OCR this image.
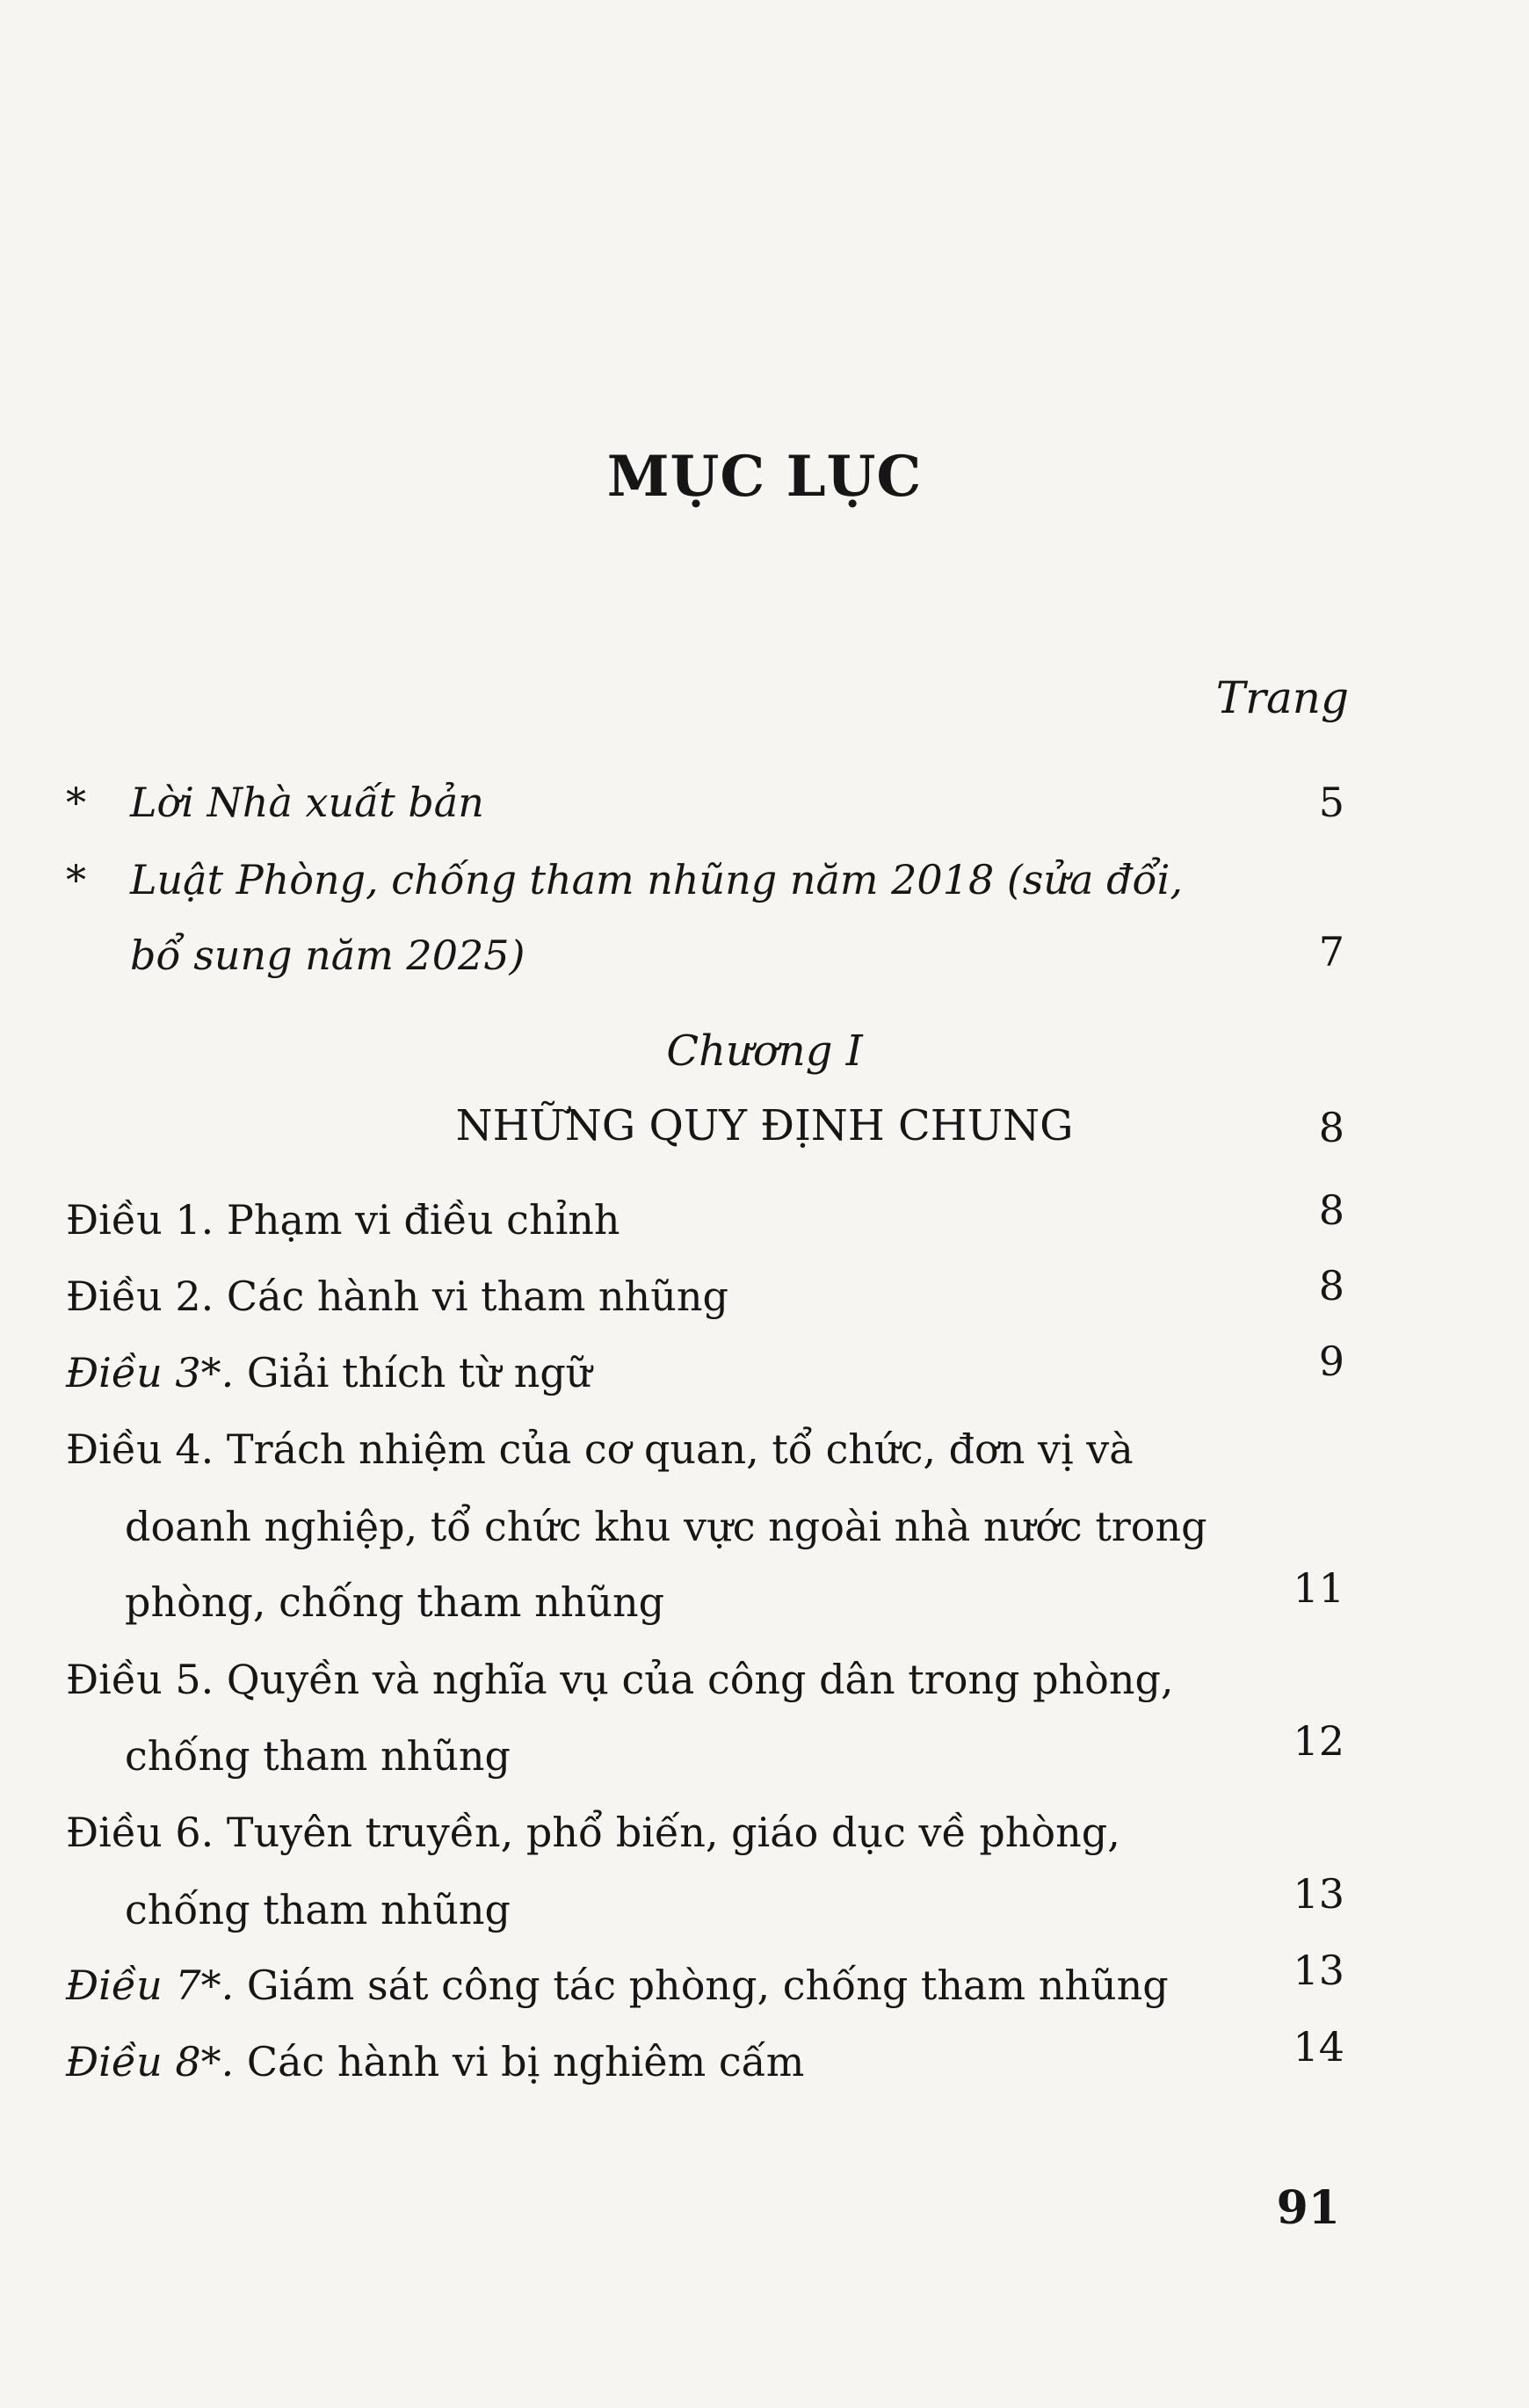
MỤC LỤC
Trang
* Lời Nhà xuất bản	5
* Luật Phòng, chống tham nhũng năm 2018 (sửa đổi,
bổ sung năm 2025)	7
Chương I
NHỮNG QUY ĐỊNH CHUNG	8
Điều 1. Phạm vi điều chỉnh	8
Điều 2. Các hành vi tham nhũng	8
Điều 3*. Giải thích từ ngữ	9
Điều 4. Trách nhiệm của cơ quan, tổ chức, đơn vị và
doanh nghiệp, tổ chức khu vực ngoài nhà nước trong
phòng, chống tham nhũng	11
Điều 5. Quyền và nghĩa vụ của công dân trong phòng,
chống tham nhũng	12
Điều 6. Tuyên truyền, phổ biến, giáo dục về phòng,
chống tham nhũng	13
Điều 7*. Giám sát công tác phòng, chống tham nhũng	13
Điều 8*. Các hành vi bị nghiêm cấm	14
91
